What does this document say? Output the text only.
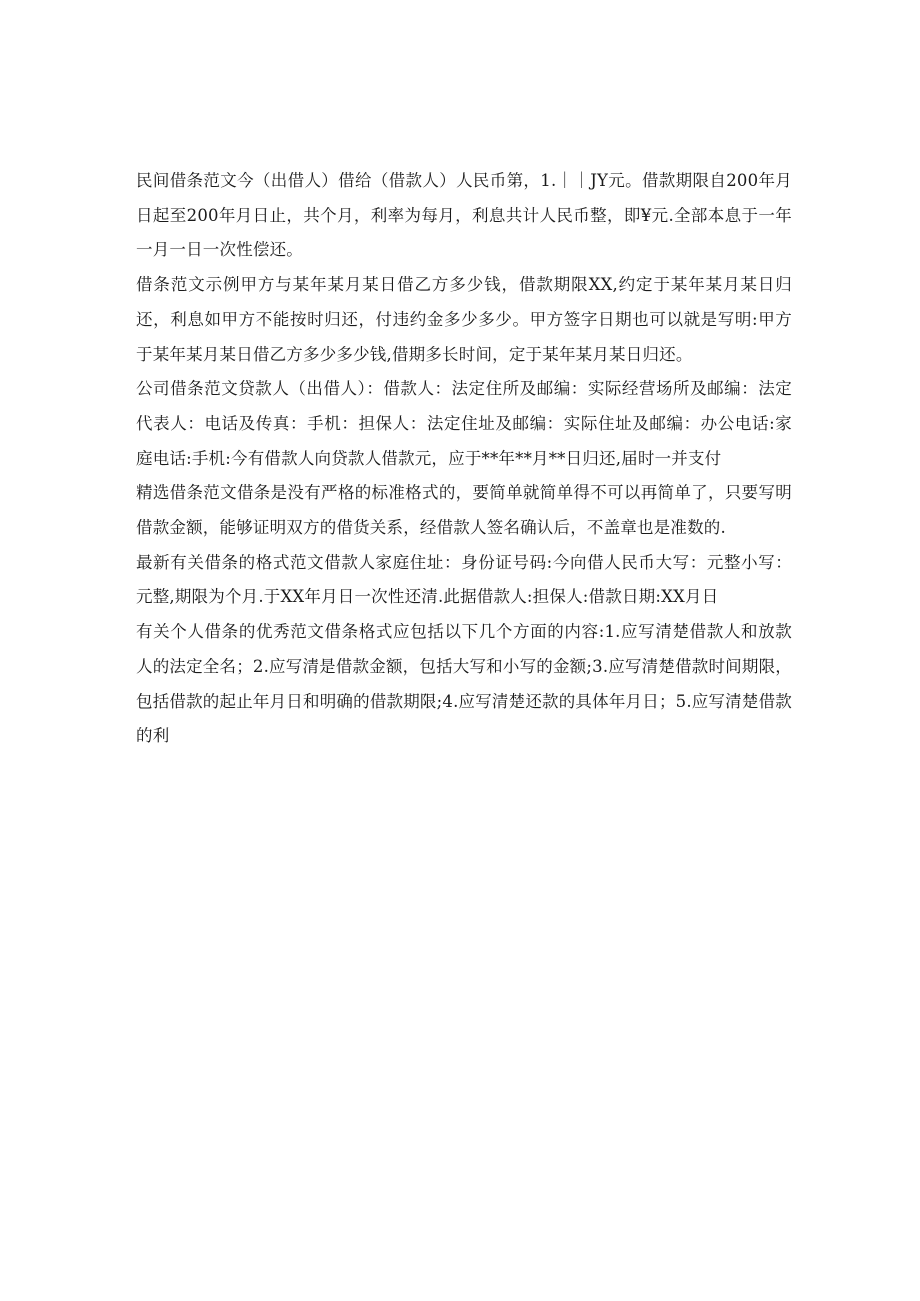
民间借条范文今（出借人）借给（借款人）人民币第，1.｜｜JY元。借款期限自200年月日起至200年月日止，共个月，利率为每月，利息共计人民币整，即¥元.全部本息于一年一月一日一次性偿还。

借条范文示例甲方与某年某月某日借乙方多少钱，借款期限XX,约定于某年某月某日归还，利息如甲方不能按时归还，付违约金多少多少。甲方签字日期也可以就是写明:甲方于某年某月某日借乙方多少多少钱,借期多长时间，定于某年某月某日归还。

公司借条范文贷款人（出借人）：借款人：法定住所及邮编：实际经营场所及邮编：法定代表人：电话及传真：手机：担保人：法定住址及邮编：实际住址及邮编：办公电话:家庭电话:手机:今有借款人向贷款人借款元，应于**年**月**日归还,届时一并支付

精选借条范文借条是没有严格的标准格式的，要简单就简单得不可以再简单了，只要写明借款金额，能够证明双方的借货关系，经借款人签名确认后，不盖章也是准数的.

最新有关借条的格式范文借款人家庭住址：身份证号码:今向借人民币大写：元整小写：元整,期限为个月.于XX年月日一次性还清.此据借款人:担保人:借款日期:XX月日

有关个人借条的优秀范文借条格式应包括以下几个方面的内容:1.应写清楚借款人和放款人的法定全名；2.应写清是借款金额，包括大写和小写的金额;3.应写清楚借款时间期限，包括借款的起止年月日和明确的借款期限;4.应写清楚还款的具体年月日；5.应写清楚借款的利
